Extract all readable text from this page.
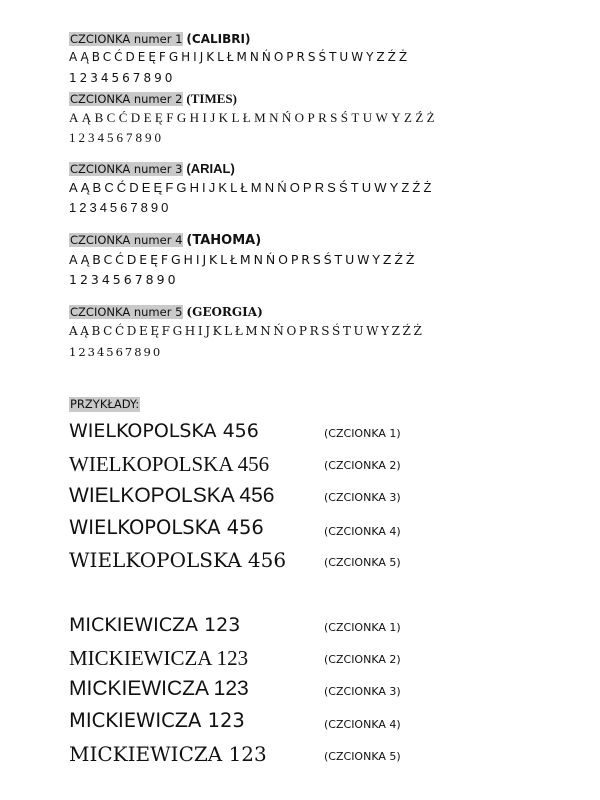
CZCIONKA numer 1 (CALIBRI)
AĄBCĆDEĘFGHIJKLŁMNŃOPRSŚTUWYZŹŻ
1234567890
CZCIONKA numer 2 (TIMES)
AĄBCĆDEĘFGHIJKLŁMNŃOPRSŚTUWYZŹŻ
1234567890
CZCIONKA numer 3 (ARIAL)
AĄBCĆDEĘFGHIJKLŁMNŃOPRSŚTUWYZŹŻ
1234567890
CZCIONKA numer 4 (TAHOMA)
AĄBCĆDEĘFGHIJKLŁMNŃOPRSŚTUWYZŹŻ
1234567890
CZCIONKA numer 5 (GEORGIA)
AĄBCĆDEĘFGHIJKLŁMNŃOPRSŚTUWYZŹŻ
1234567890
PRZYKŁADY:
WIELKOPOLSKA 456	(CZCIONKA 1)
WIELKOPOLSKA 456	(CZCIONKA 2)
WIELKOPOLSKA 456	(CZCIONKA 3)
WIELKOPOLSKA 456	(CZCIONKA 4)
WIELKOPOLSKA 456	(CZCIONKA 5)
MICKIEWICZA 123	(CZCIONKA 1)
MICKIEWICZA 123	(CZCIONKA 2)
MICKIEWICZA 123	(CZCIONKA 3)
MICKIEWICZA 123	(CZCIONKA 4)
MICKIEWICZA 123	(CZCIONKA 5)
